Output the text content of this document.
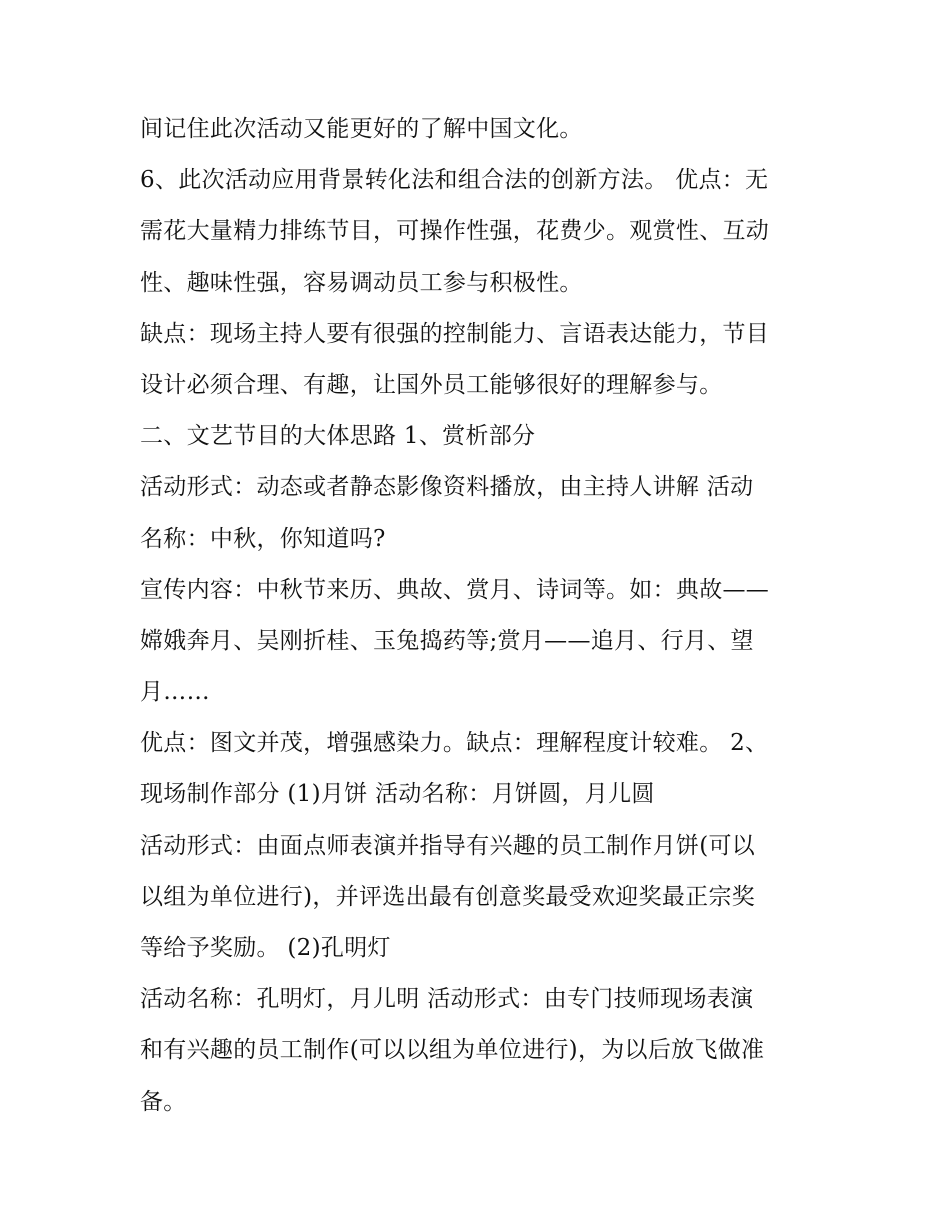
间记住此次活动又能更好的了解中国文化。
6、此次活动应用背景转化法和组合法的创新方法。 优点：无
需花大量精力排练节目，可操作性强，花费少。观赏性、互动
性、趣味性强，容易调动员工参与积极性。
缺点：现场主持人要有很强的控制能力、言语表达能力，节目
设计必须合理、有趣，让国外员工能够很好的理解参与。
二、文艺节目的大体思路 1、赏析部分
活动形式：动态或者静态影像资料播放，由主持人讲解 活动
名称：中秋，你知道吗?
宣传内容：中秋节来历、典故、赏月、诗词等。如：典故——
嫦娥奔月、吴刚折桂、玉兔捣药等;赏月——追月、行月、望
月……
优点：图文并茂，增强感染力。缺点：理解程度计较难。 2、
现场制作部分 (1)月饼 活动名称：月饼圆，月儿圆
活动形式：由面点师表演并指导有兴趣的员工制作月饼(可以
以组为单位进行)，并评选出最有创意奖最受欢迎奖最正宗奖
等给予奖励。 (2)孔明灯
活动名称：孔明灯，月儿明 活动形式：由专门技师现场表演
和有兴趣的员工制作(可以以组为单位进行)，为以后放飞做准
备。
